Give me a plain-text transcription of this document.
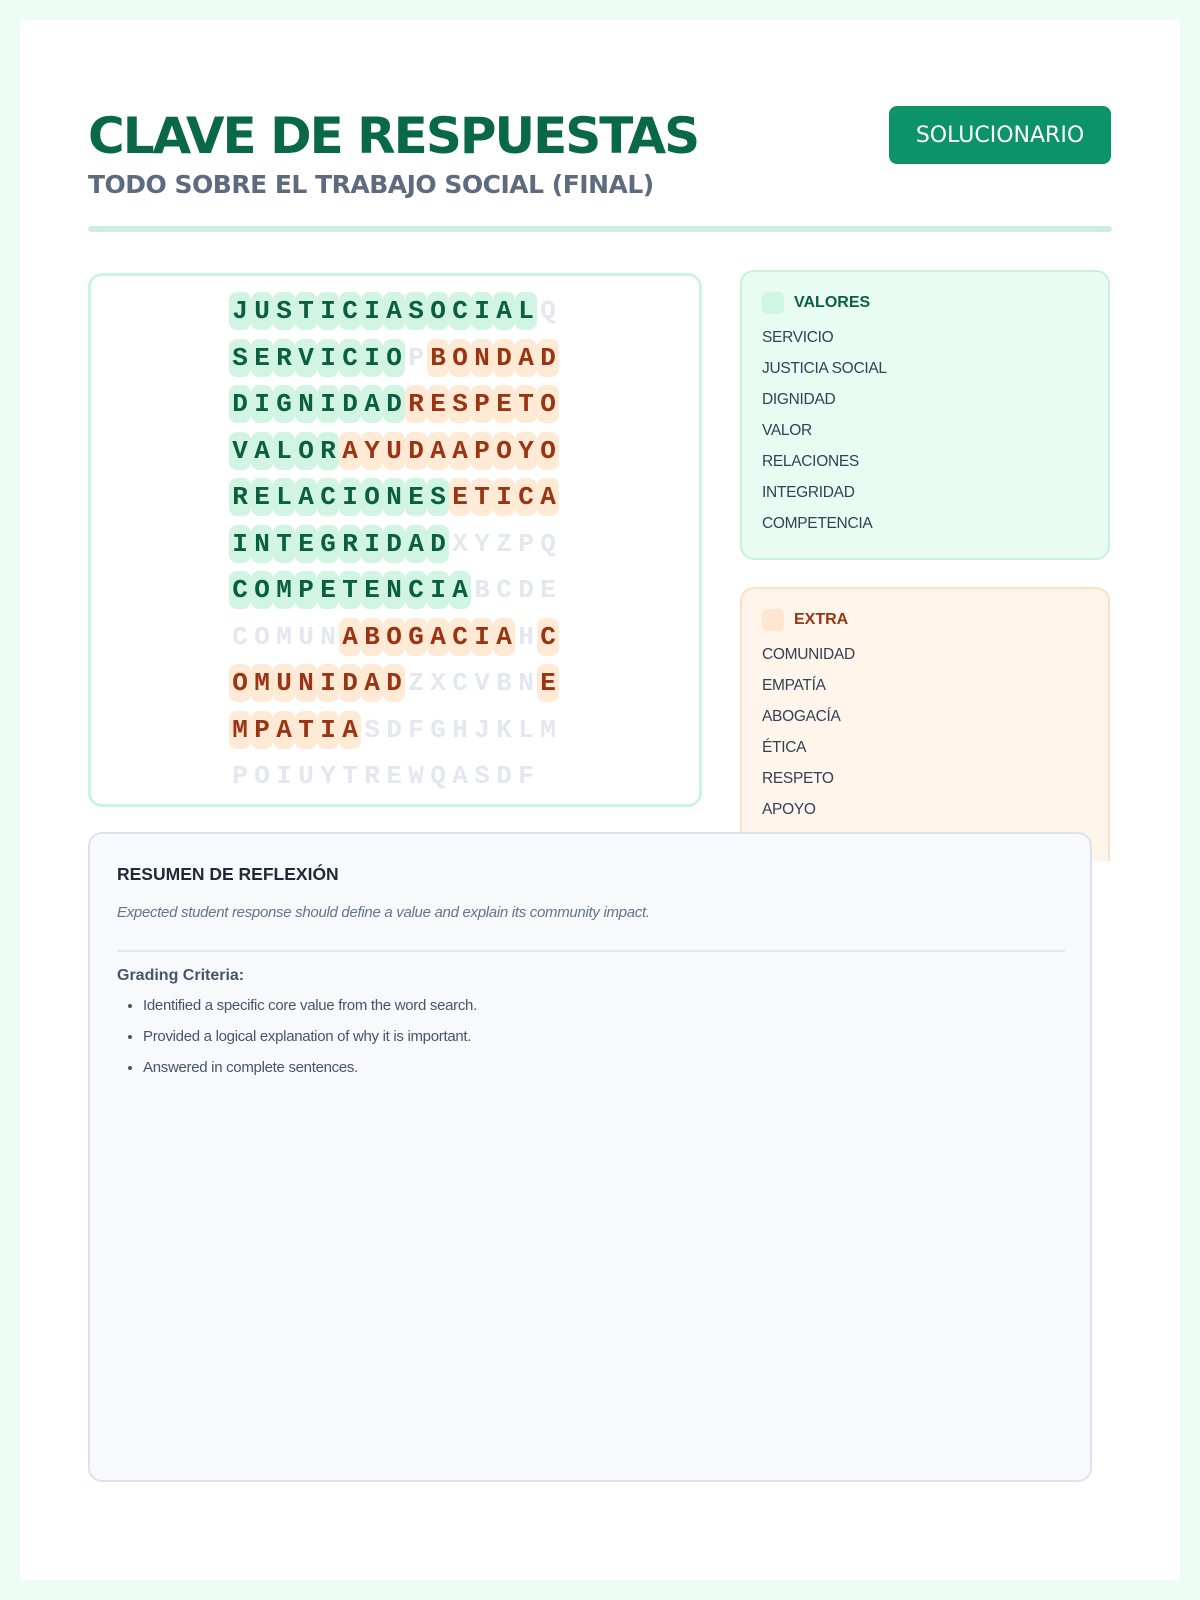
CLAVE DE RESPUESTAS
TODO SOBRE EL TRABAJO SOCIAL (FINAL)
SOLUCIONARIO
J U S T I C I A S O C I A L Q
S E R V I C I O P B O N D A D
D I G N I D A D R E S P E T O
V A L O R A Y U D A A P O Y O
R E L A C I O N E S E T I C A
I N T E G R I D A D X Y Z P Q
C O M P E T E N C I A B C D E
C O M U N A B O G A C I A H C
O M U N I D A D Z X C V B N E
M P A T I A S D F G H J K L M
P O I U Y T R E W Q A S D F
VALORES
SERVICIO
JUSTICIA SOCIAL
DIGNIDAD
VALOR
RELACIONES
INTEGRIDAD
COMPETENCIA
EXTRA
COMUNIDAD
EMPATÍA
ABOGACÍA
ÉTICA
RESPETO
APOYO
RESUMEN DE REFLEXIÓN

Expected student response should define a value and explain its community impact.

Grading Criteria:
• Identified a specific core value from the word search.
• Provided a logical explanation of why it is important.
• Answered in complete sentences.
